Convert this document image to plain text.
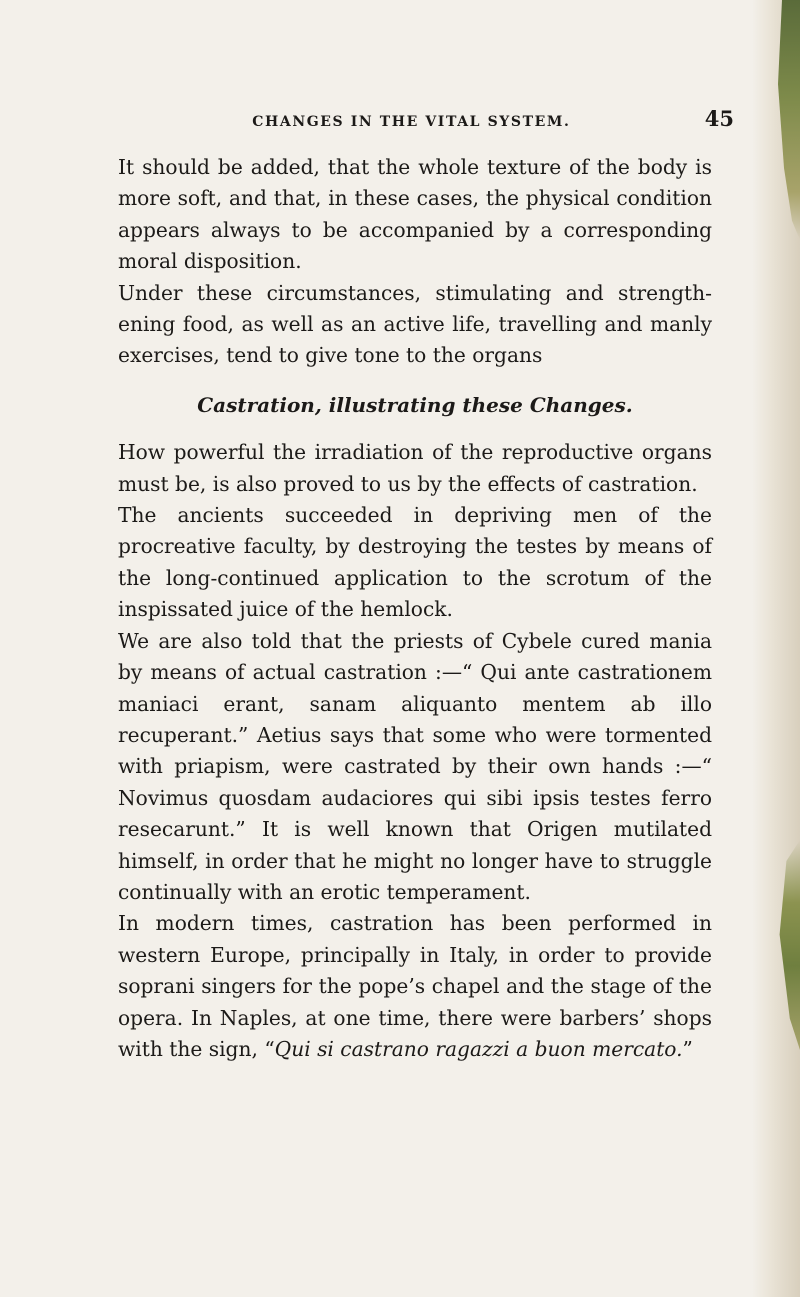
CHANGES IN THE VITAL SYSTEM.	45

It should be added, that the whole texture of the body is more soft, and that, in these cases, the physical condition appears always to be accompanied by a corresponding moral disposition.

Under these circumstances, stimulating and strengthening food, as well as an active life, travelling and manly exercises, tend to give tone to the organs

Castration, illustrating these Changes.

How powerful the irradiation of the reproductive organs must be, is also proved to us by the effects of castration.

The ancients succeeded in depriving men of the procreative faculty, by destroying the testes by means of the long-continued application to the scrotum of the inspissated juice of the hemlock.

We are also told that the priests of Cybele cured mania by means of actual castration :—“ Qui ante castrationem maniaci erant, sanam aliquanto mentem ab illo recuperant.” Aetius says that some who were tormented with priapism, were castrated by their own hands :—“ Novimus quosdam audaciores qui sibi ipsis testes ferro resecarunt.” It is well known that Origen mutilated himself, in order that he might no longer have to struggle continually with an erotic temperament.

In modern times, castration has been performed in western Europe, principally in Italy, in order to provide soprani singers for the pope’s chapel and the stage of the opera. In Naples, at one time, there were barbers’ shops with the sign, “Qui si castrano ragazzi a buon mercato.”
